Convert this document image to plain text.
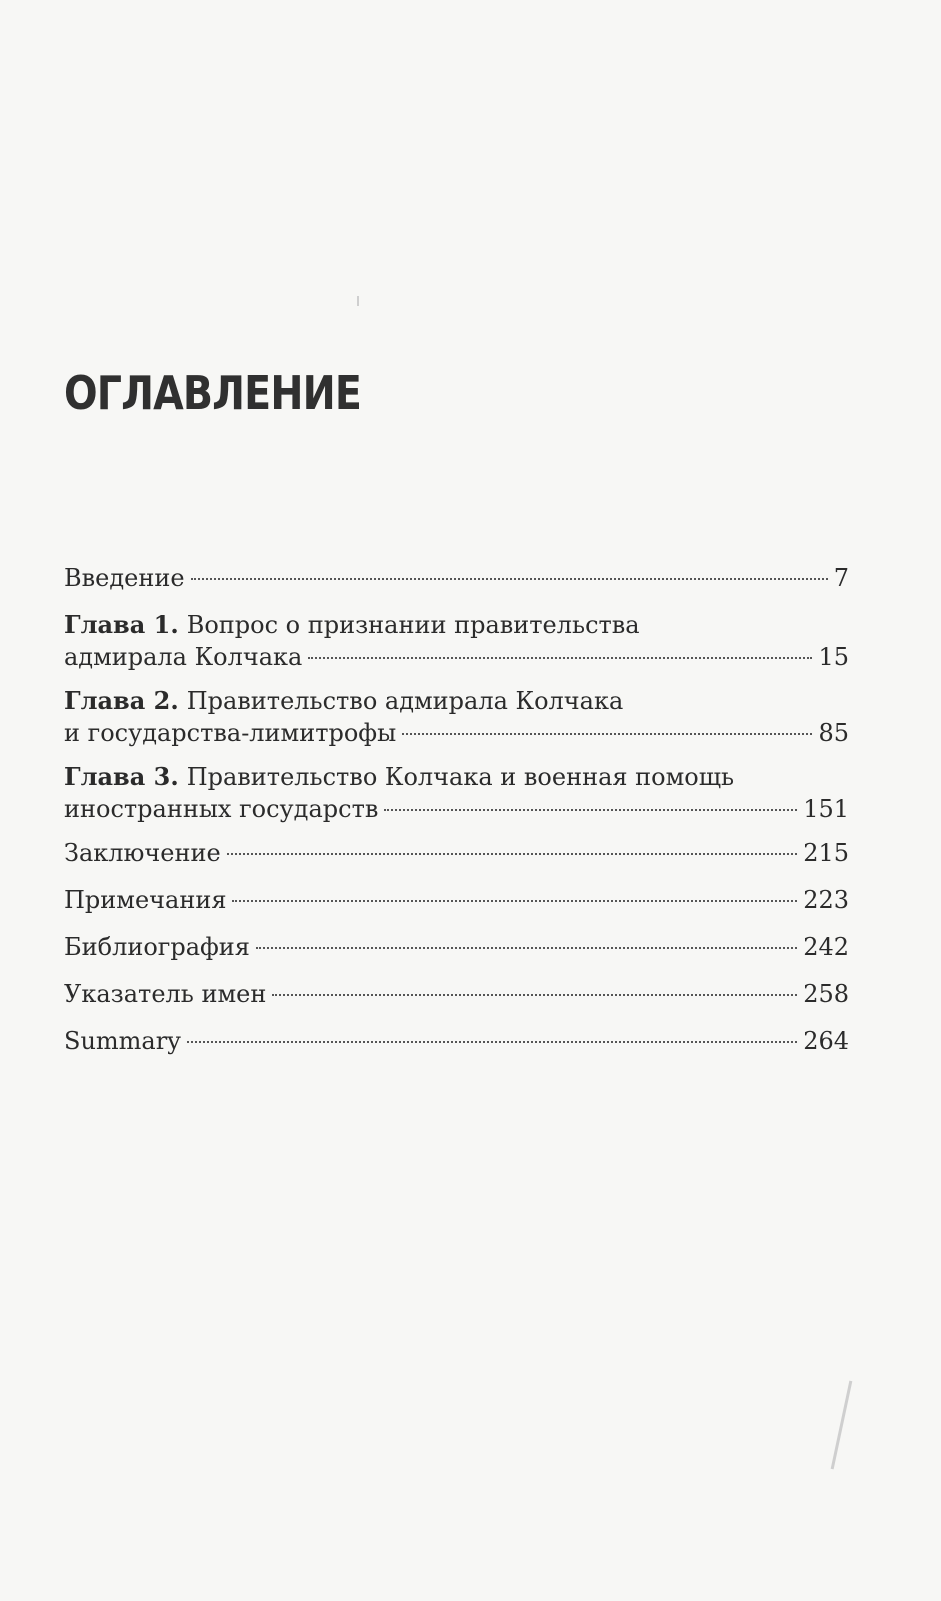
ОГЛАВЛЕНИЕ
Введение	7
Глава 1. Вопрос о признании правительства
адмирала Колчака	15
Глава 2. Правительство адмирала Колчака
и государства-лимитрофы	85
Глава 3. Правительство Колчака и военная помощь
иностранных государств	151
Заключение	215
Примечания	223
Библиография	242
Указатель имен	258
Summary	264
